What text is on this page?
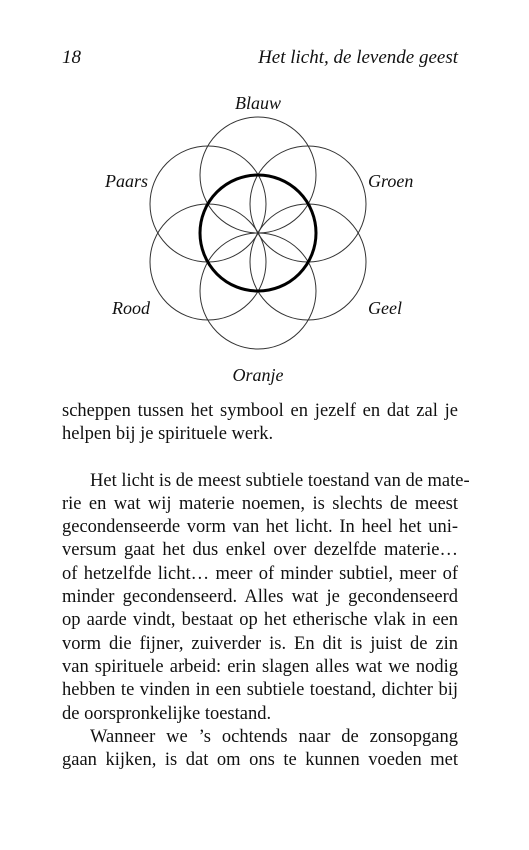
18	Het licht, de levende geest
Blauw
Paars	Groen
Rood	Geel
Oranje
scheppen tussen het symbool en jezelf en dat zal je
helpen bij je spirituele werk.
Het licht is de meest subtiele toestand van de mate-
rie en wat wij materie noemen, is slechts de meest
gecondenseerde vorm van het licht. In heel het uni-
versum gaat het dus enkel over dezelfde materie…
of hetzelfde licht… meer of minder subtiel, meer of
minder gecondenseerd. Alles wat je gecondenseerd
op aarde vindt, bestaat op het etherische vlak in een
vorm die fijner, zuiverder is. En dit is juist de zin
van spirituele arbeid: erin slagen alles wat we nodig
hebben te vinden in een subtiele toestand, dichter bij
de oorspronkelijke toestand.
Wanneer we ’s ochtends naar de zonsopgang
gaan kijken, is dat om ons te kunnen voeden met
